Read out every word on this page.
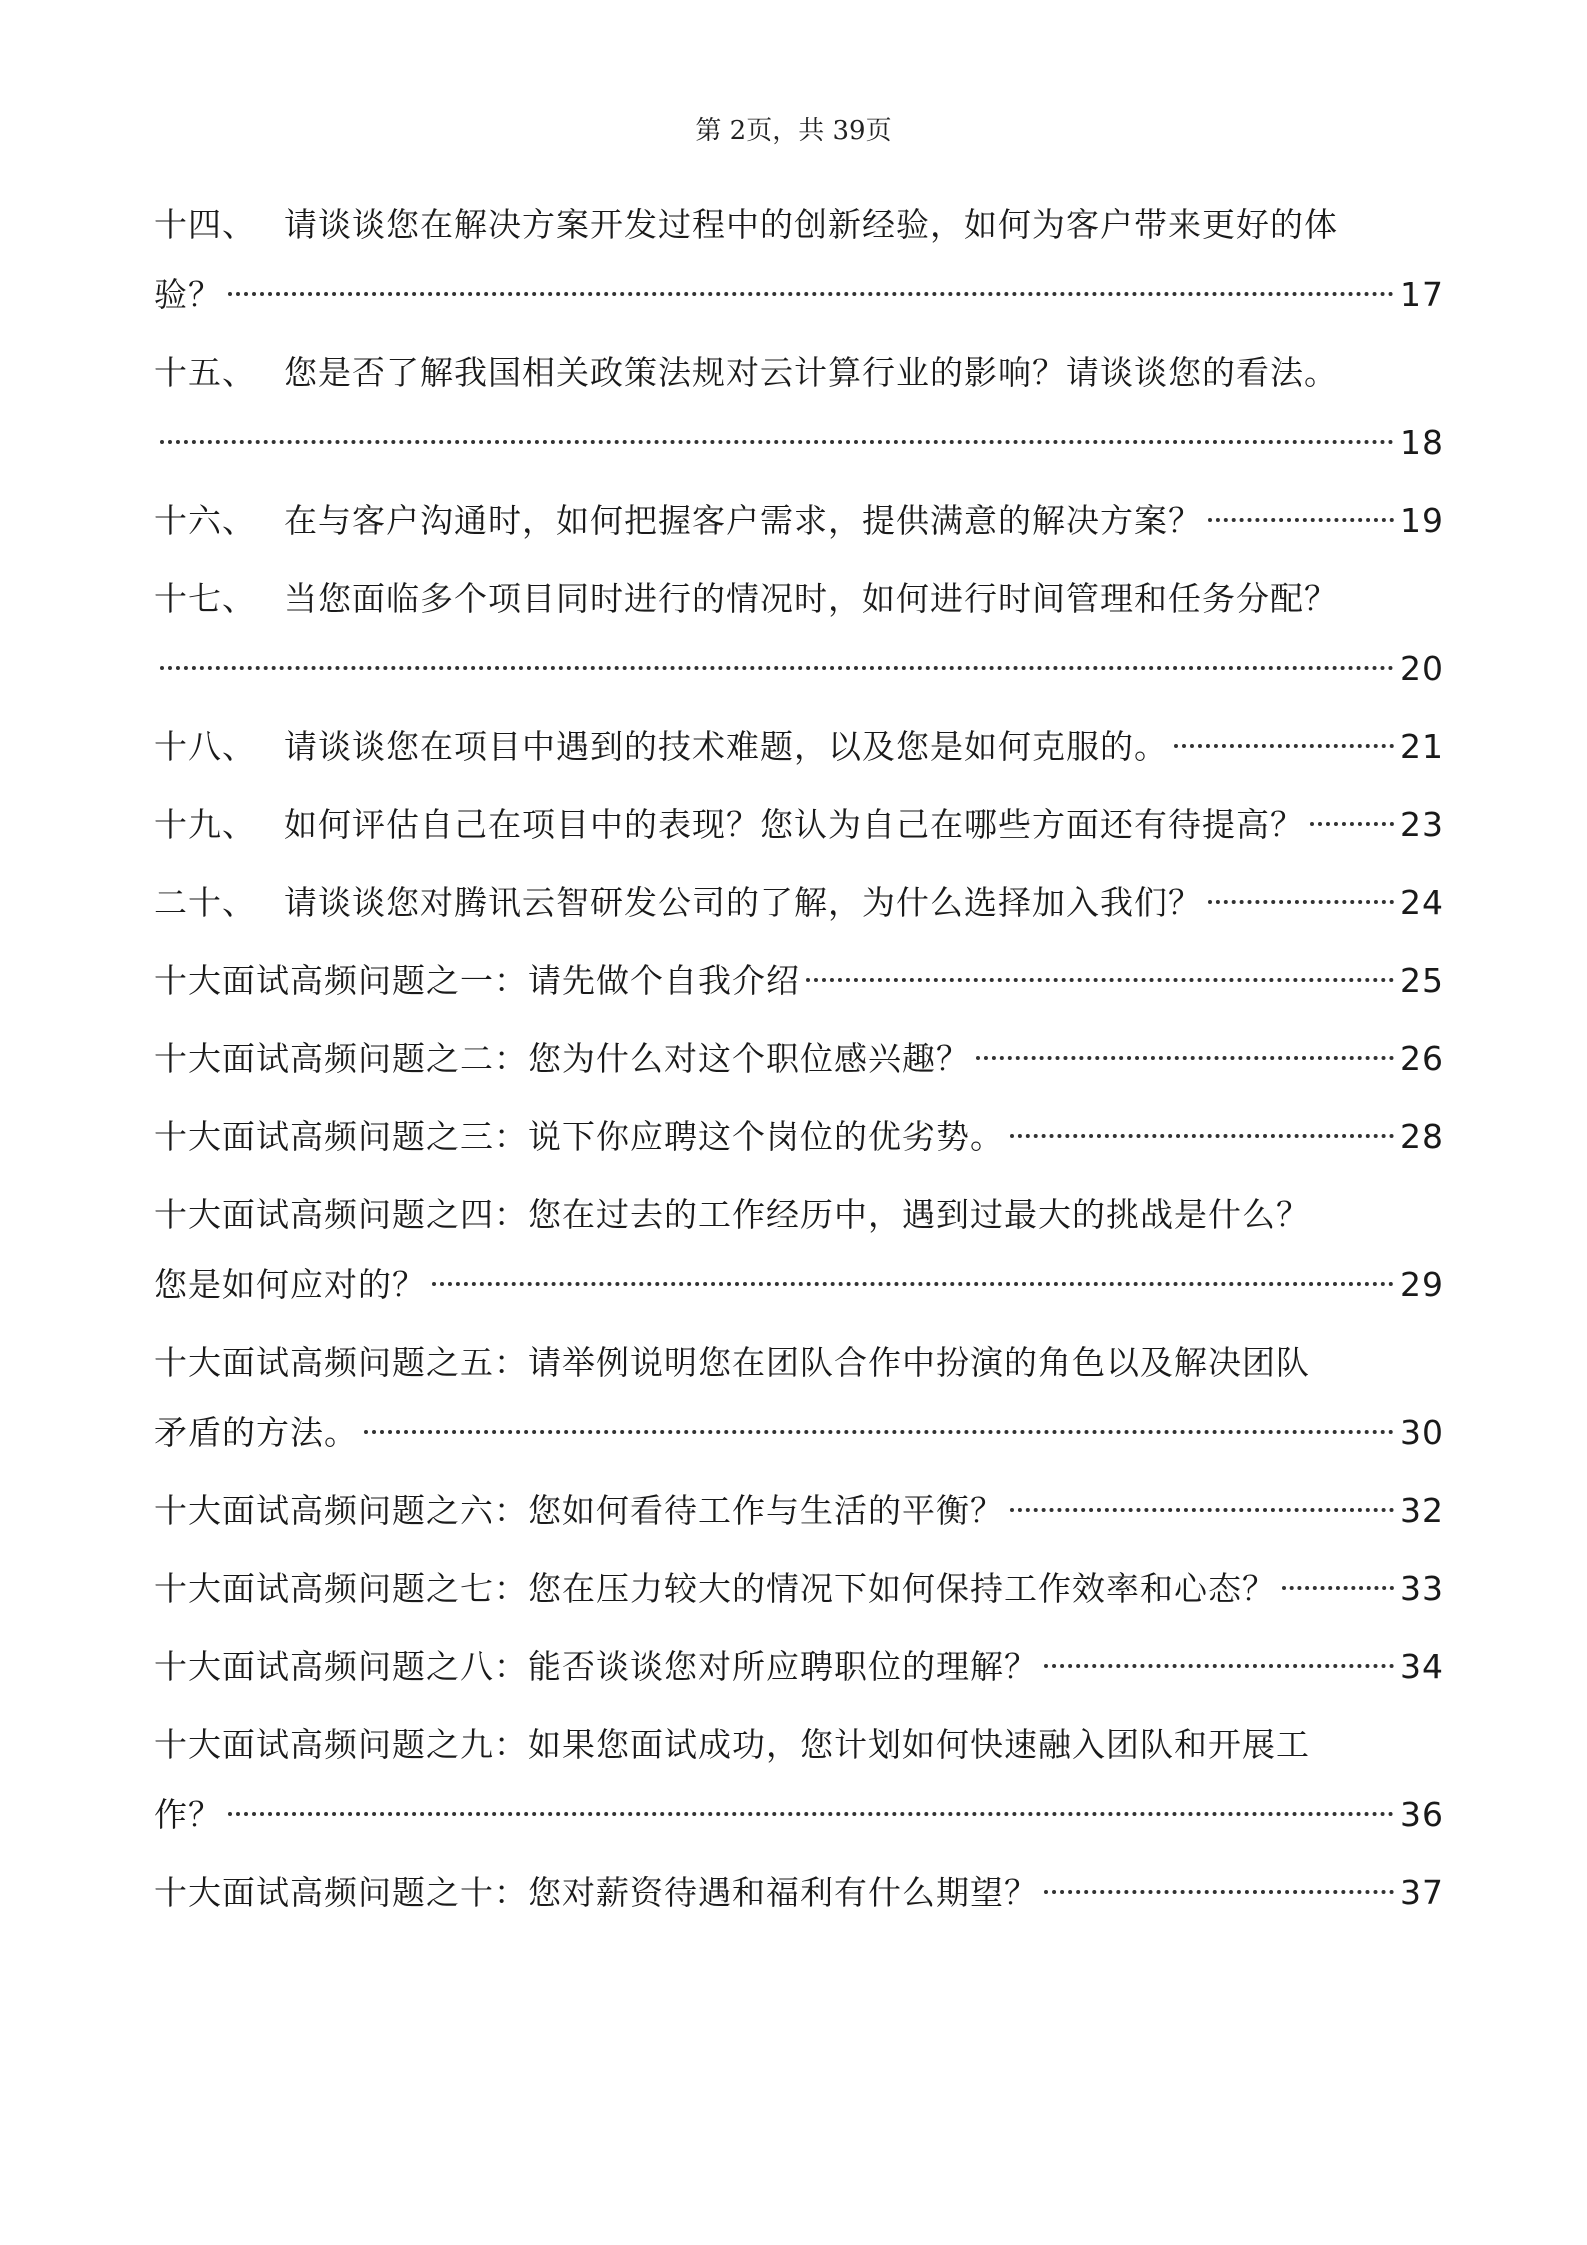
第 2页，共 39页
十四、 请谈谈您在解决方案开发过程中的创新经验，如何为客户带来更好的体
验？	17
十五、 您是否了解我国相关政策法规对云计算行业的影响？请谈谈您的看法。
18
十六、 在与客户沟通时，如何把握客户需求，提供满意的解决方案？	19
十七、 当您面临多个项目同时进行的情况时，如何进行时间管理和任务分配？
20
十八、 请谈谈您在项目中遇到的技术难题，以及您是如何克服的。	21
十九、 如何评估自己在项目中的表现？您认为自己在哪些方面还有待提高？	23
二十、 请谈谈您对腾讯云智研发公司的了解，为什么选择加入我们？	24
十大面试高频问题之一：请先做个自我介绍	25
十大面试高频问题之二：您为什么对这个职位感兴趣？	26
十大面试高频问题之三：说下你应聘这个岗位的优劣势。	28
十大面试高频问题之四：您在过去的工作经历中，遇到过最大的挑战是什么？
您是如何应对的？	29
十大面试高频问题之五：请举例说明您在团队合作中扮演的角色以及解决团队
矛盾的方法。	30
十大面试高频问题之六：您如何看待工作与生活的平衡？	32
十大面试高频问题之七：您在压力较大的情况下如何保持工作效率和心态？	33
十大面试高频问题之八：能否谈谈您对所应聘职位的理解？	34
十大面试高频问题之九：如果您面试成功，您计划如何快速融入团队和开展工
作？	36
十大面试高频问题之十：您对薪资待遇和福利有什么期望？	37
